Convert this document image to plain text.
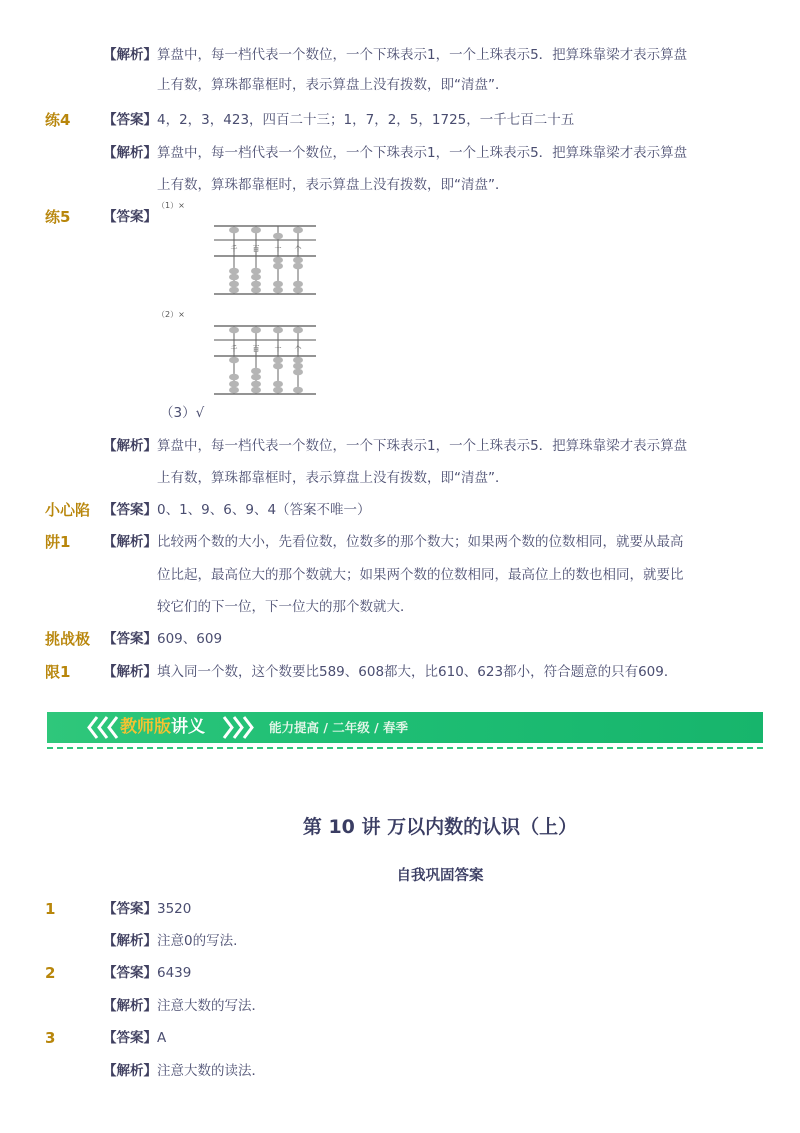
【解析】 算盘中，每一档代表一个数位，一个下珠表示1，一个上珠表示5．把算珠靠梁才表示算盘
上有数，算珠都靠框时，表示算盘上没有拨数，即“清盘”．
练4 【答案】 4，2，3，423，四百二十三；1，7，2，5，1725，一千七百二十五
【解析】 算盘中，每一档代表一个数位，一个下珠表示1，一个上珠表示5．把算珠靠梁才表示算盘
上有数，算珠都靠框时，表示算盘上没有拨数，即“清盘”．
练5 【答案】
（1）×
千 百 十 个
（2）×
千 百 十 个
（3）√
【解析】 算盘中，每一档代表一个数位，一个下珠表示1，一个上珠表示5．把算珠靠梁才表示算盘
上有数，算珠都靠框时，表示算盘上没有拨数，即“清盘”．
小心陷 【答案】 0、1、9、6、9、4（答案不唯一）
阱1 【解析】 比较两个数的大小，先看位数，位数多的那个数大；如果两个数的位数相同，就要从最高
位比起，最高位大的那个数就大；如果两个数的位数相同，最高位上的数也相同，就要比
较它们的下一位，下一位大的那个数就大．
挑战极 【答案】 609、609
限1 【解析】 填入同一个数，这个数要比589、608都大，比610、623都小，符合题意的只有609．
教师版讲义	能力提高 / 二年级 / 春季
第 10 讲 万以内数的认识（上）
自我巩固答案
1	【答案】 3520
【解析】 注意0的写法.
2	【答案】 6439
【解析】 注意大数的写法．
3	【答案】 A
【解析】 注意大数的读法．
